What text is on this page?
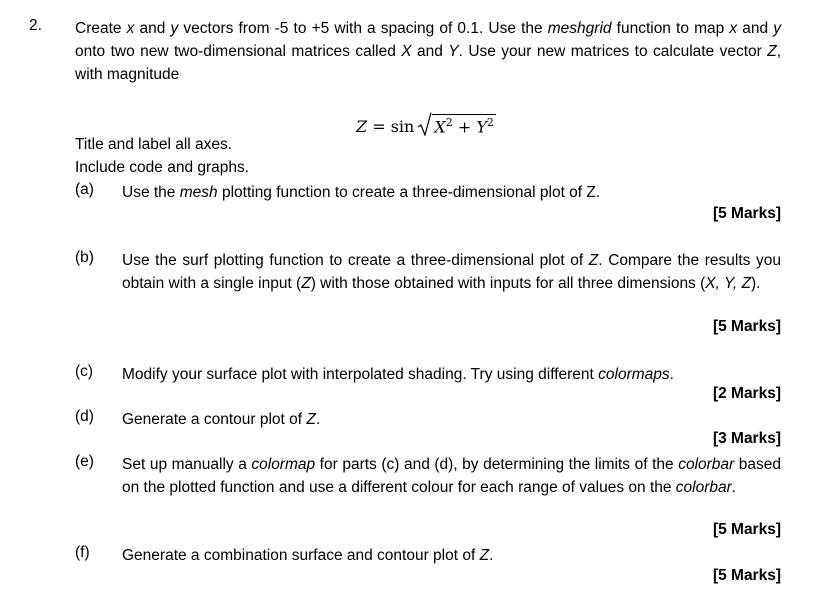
2. Create x and y vectors from -5 to +5 with a spacing of 0.1. Use the meshgrid function to map x and y onto two new two-dimensional matrices called X and Y. Use your new matrices to calculate vector Z, with magnitude
$Z = \sin X^2 + Y^2$
Title and label all axes.
Include code and graphs.
(a) Use the mesh plotting function to create a three-dimensional plot of Z.
[5 Marks]
(b) Use the surf plotting function to create a three-dimensional plot of Z. Compare the results you obtain with a single input (Z) with those obtained with inputs for all three dimensions (X, Y, Z).
[5 Marks]
(c) Modify your surface plot with interpolated shading. Try using different colormaps.
[2 Marks]
(d) Generate a contour plot of Z.
[3 Marks]
(e) Set up manually a colormap for parts (c) and (d), by determining the limits of the colorbar based on the plotted function and use a different colour for each range of values on the colorbar.
[5 Marks]
(f) Generate a combination surface and contour plot of Z.
[5 Marks]
